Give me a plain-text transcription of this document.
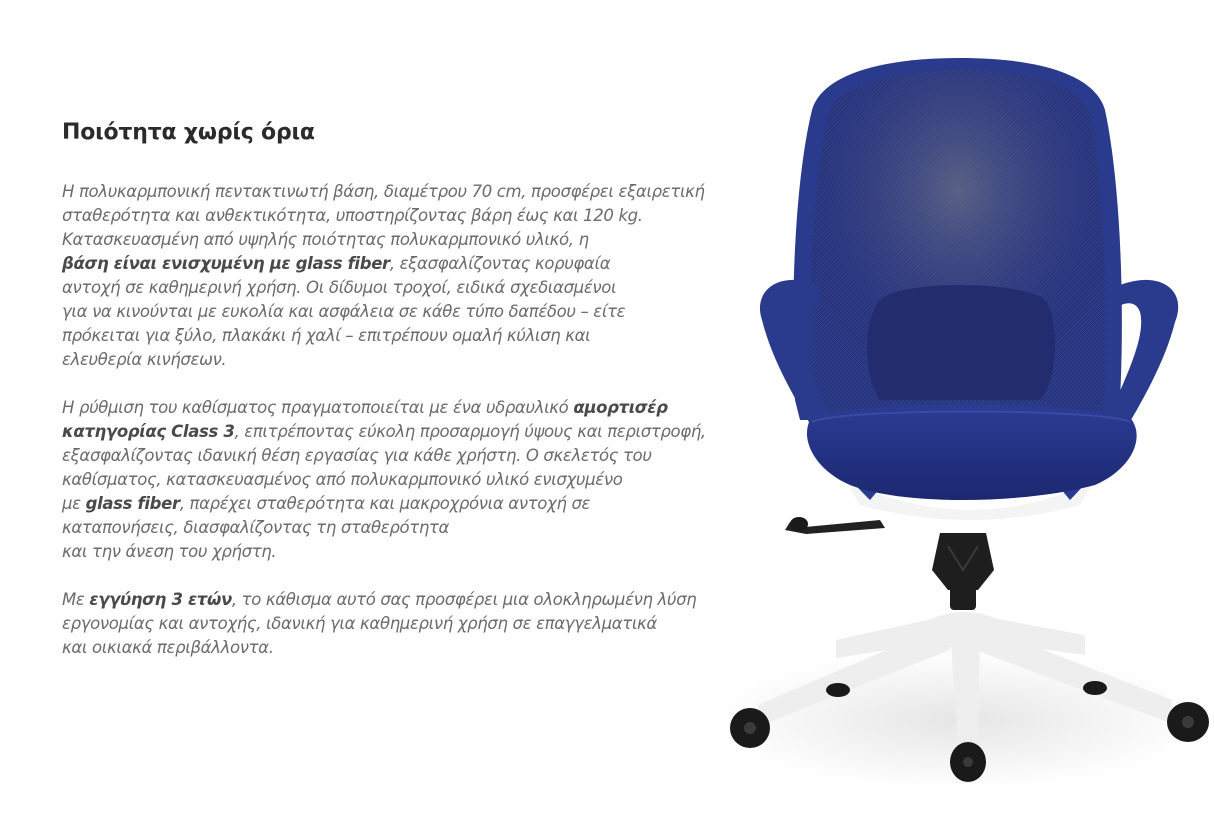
Ποιότητα χωρίς όρια

Η πολυκαρμπονική πεντακτινωτή βάση, διαμέτρου 70 cm, προσφέρει εξαιρετική
σταθερότητα και ανθεκτικότητα, υποστηρίζοντας βάρη έως και 120 kg.
Κατασκευασμένη από υψηλής ποιότητας πολυκαρμπονικό υλικό, η
βάση είναι ενισχυμένη με glass fiber, εξασφαλίζοντας κορυφαία
αντοχή σε καθημερινή χρήση. Οι δίδυμοι τροχοί, ειδικά σχεδιασμένοι
για να κινούνται με ευκολία και ασφάλεια σε κάθε τύπο δαπέδου – είτε
πρόκειται για ξύλο, πλακάκι ή χαλί – επιτρέπουν ομαλή κύλιση και
ελευθερία κινήσεων.

Η ρύθμιση του καθίσματος πραγματοποιείται με ένα υδραυλικό αμορτισέρ
κατηγορίας Class 3, επιτρέποντας εύκολη προσαρμογή ύψους και περιστροφή,
εξασφαλίζοντας ιδανική θέση εργασίας για κάθε χρήστη. Ο σκελετός του
καθίσματος, κατασκευασμένος από πολυκαρμπονικό υλικό ενισχυμένο
με glass fiber, παρέχει σταθερότητα και μακροχρόνια αντοχή σε
καταπονήσεις, διασφαλίζοντας τη σταθερότητα
και την άνεση του χρήστη.

Με εγγύηση 3 ετών, το κάθισμα αυτό σας προσφέρει μια ολοκληρωμένη λύση
εργονομίας και αντοχής, ιδανική για καθημερινή χρήση σε επαγγελματικά
και οικιακά περιβάλλοντα.
